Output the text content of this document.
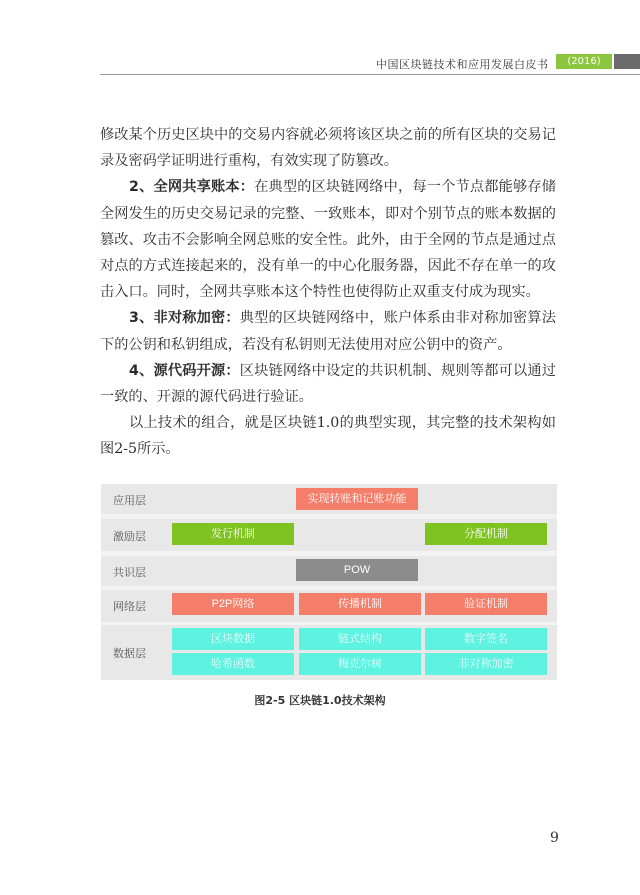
中国区块链技术和应用发展白皮书	(2016)

修改某个历史区块中的交易内容就必须将该区块之前的所有区块的交易记录及密码学证明进行重构，有效实现了防篡改。

2、全网共享账本：在典型的区块链网络中，每一个节点都能够存储全网发生的历史交易记录的完整、一致账本，即对个别节点的账本数据的篡改、攻击不会影响全网总账的安全性。此外，由于全网的节点是通过点对点的方式连接起来的，没有单一的中心化服务器，因此不存在单一的攻击入口。同时，全网共享账本这个特性也使得防止双重支付成为现实。

3、非对称加密：典型的区块链网络中，账户体系由非对称加密算法下的公钥和私钥组成，若没有私钥则无法使用对应公钥中的资产。

4、源代码开源：区块链网络中设定的共识机制、规则等都可以通过一致的、开源的源代码进行验证。

以上技术的组合，就是区块链1.0的典型实现，其完整的技术架构如图2-5所示。

应用层	实现转账和记账功能
激励层	发行机制	分配机制
共识层	POW
网络层	P2P网络	传播机制	验证机制
数据层
区块数据	链式结构	数字签名
哈希函数	梅克尔树	非对称加密
图2-5 区块链1.0技术架构
9
